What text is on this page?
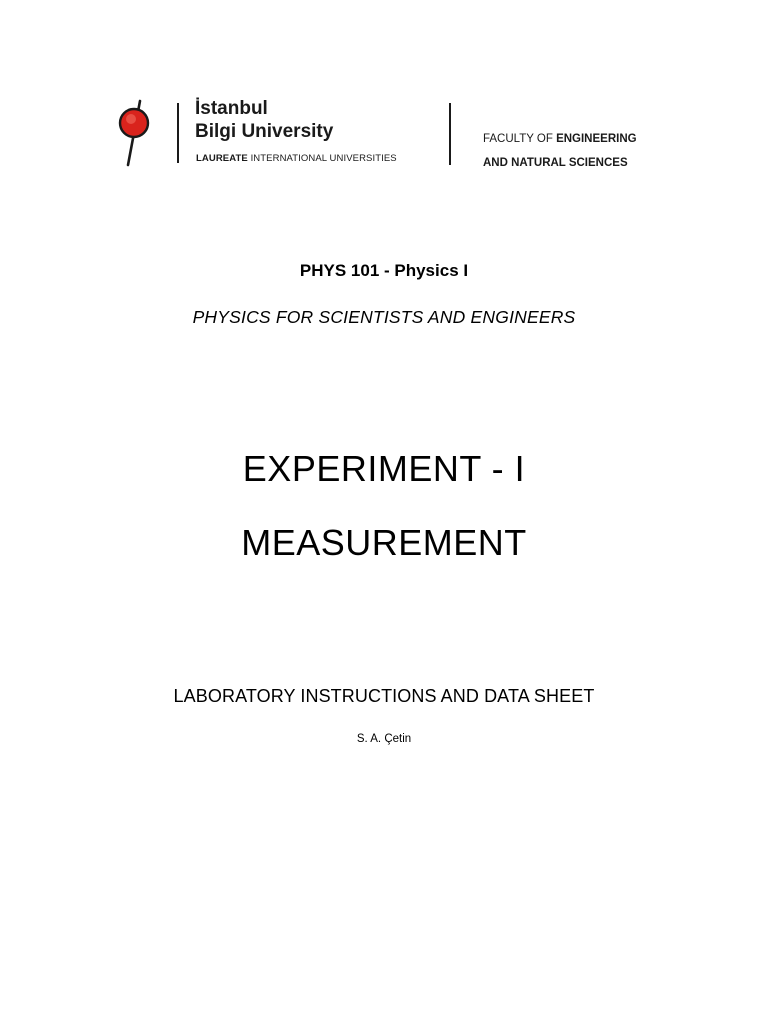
İstanbul
Bilgi University
LAUREATE INTERNATIONAL UNIVERSITIES
FACULTY OF ENGINEERING
AND NATURAL SCIENCES
PHYS 101 - Physics I
PHYSICS FOR SCIENTISTS AND ENGINEERS
EXPERIMENT - I
MEASUREMENT
LABORATORY INSTRUCTIONS AND DATA SHEET
S. A. Çetin
